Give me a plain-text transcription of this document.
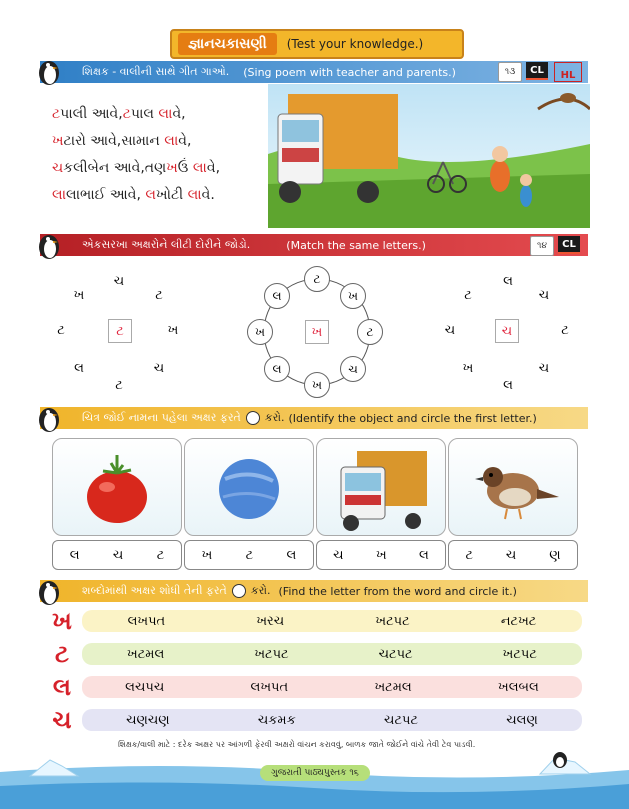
જ્ઞાનચકાસણી	(Test your knowledge.)
શિક્ષક - વાલીની સાથે ગીત ગાઓ. (Sing poem with teacher and parents.)	૧૩	CL	HL
ટપાલી આવે,ટપાલ લાવે,
ખટારો આવે,સામાન લાવે,
ચકલીબેન આવે,તણખઉં લાવે,
લાલાભાઈ આવે, લખોટી લાવે.
એકસરખા અક્ષરોને લીટી દોરીને જોડો.	(Match the same letters.)	૧૪	CL
ચ
ટ
ખ
ચ
ટ
લ
ટ
ખ
ટ
ટ
ખ
ટ
ચ
ખ
લ
ખ
લ
ખ
લ
ચ
ટ
ચ
લ
ખ
ચ
ટ
ચ
ચિત્ર જોઈ નામના પહેલા અક્ષર ફરતે કરો. (Identify the object and circle the first letter.)
લ	ચ	ટ	ખ	ટ	લ	ચ ખ લ	ટ	ચ	ણ
શબ્દોમાંથી અક્ષર શોધી તેની ફરતે કરો. (Find the letter from the word and circle it.)
ખ	લખપત	ખરચ	ખટપટ	નટખટ
ટ	ખટમલ	ખટપટ	ચટપટ	ખટપટ
લ	લચપચ	લખપત	ખટમલ	ખલબલ
ચ	ચણચણ	ચકમક	ચટપટ	ચલણ
શિક્ષક/વાલી માટે : દરેક અક્ષર પર આંગળી ફેરવી અક્ષરો વાંચન કરાવવું, બાળક જાતે જોઈને વાંચે તેવી ટેવ પાડવી.
ગુજરાતી પાઠ્યપુસ્તક ૧૬
